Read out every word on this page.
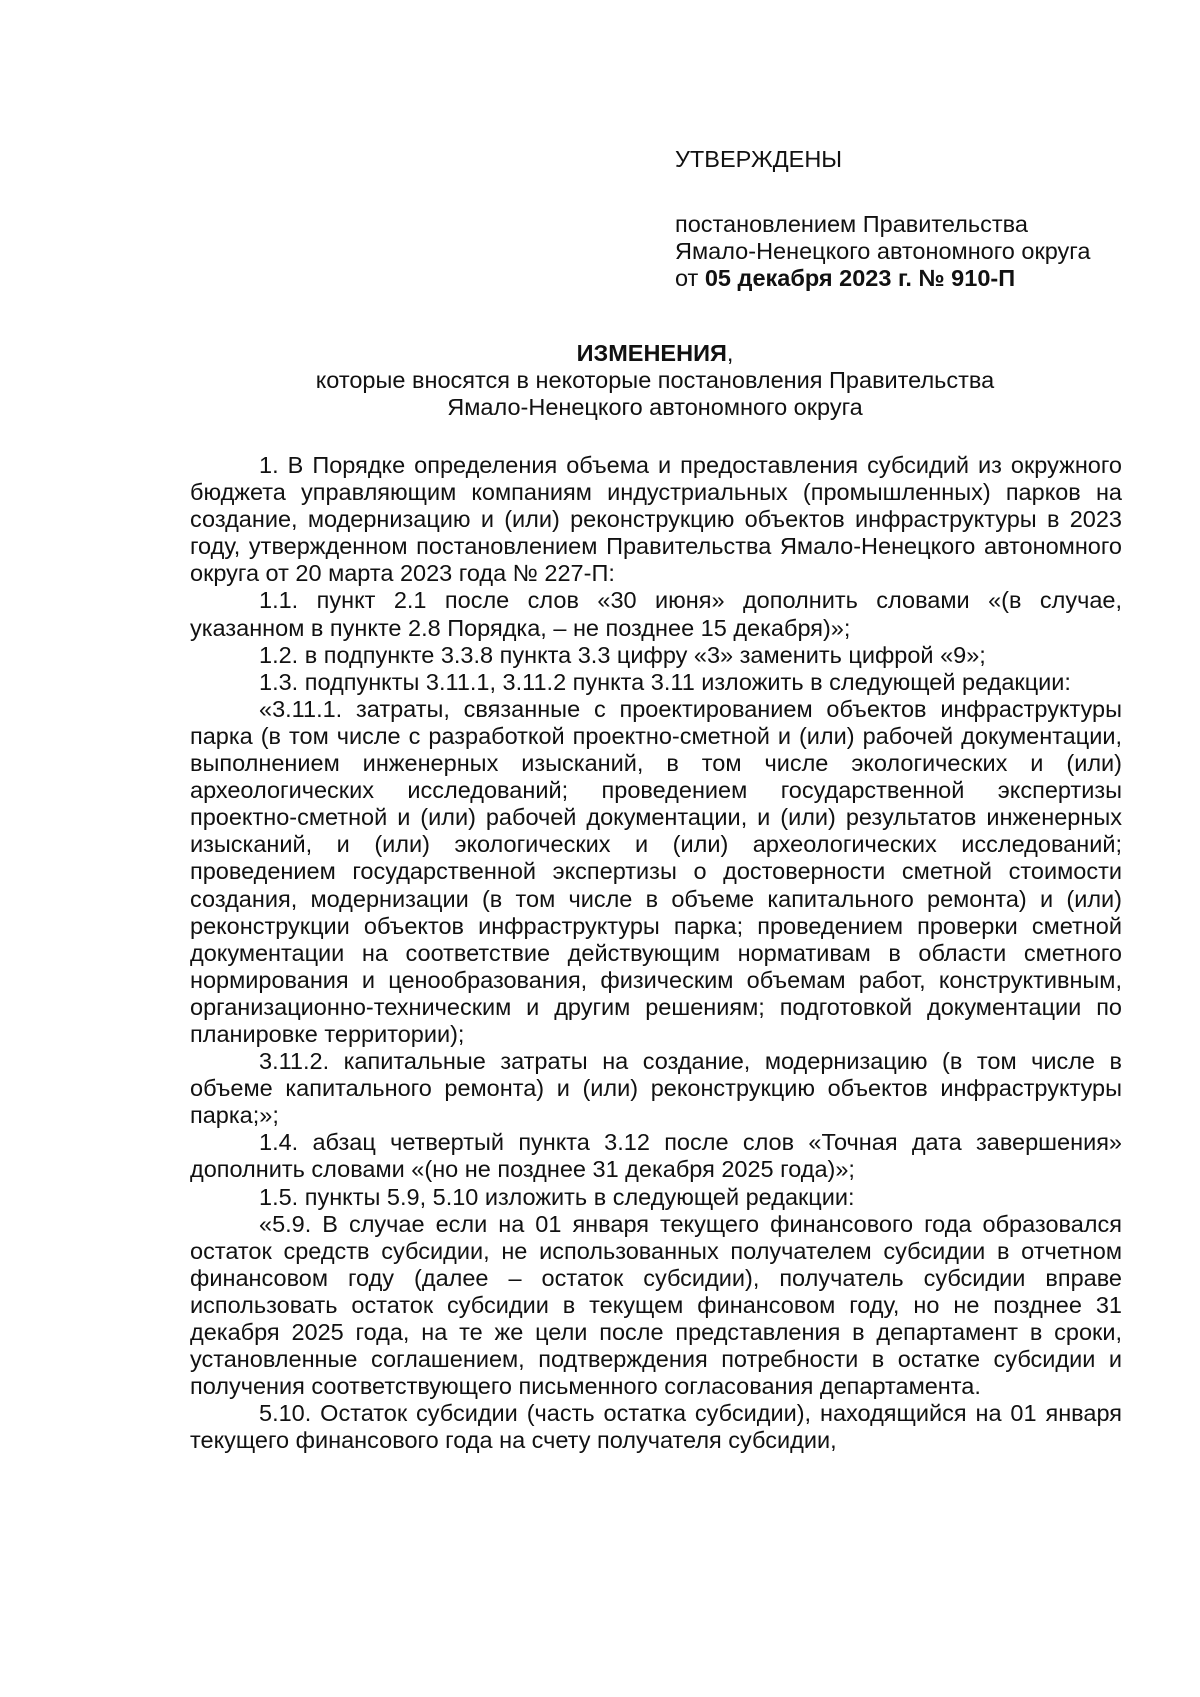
УТВЕРЖДЕНЫ
постановлением Правительства
Ямало-Ненецкого автономного округа
от 05 декабря 2023 г. № 910-П
ИЗМЕНЕНИЯ,
которые вносятся в некоторые постановления Правительства
Ямало-Ненецкого автономного округа

1. В Порядке определения объема и предоставления субсидий из окружного бюджета управляющим компаниям индустриальных (промышленных) парков на создание, модернизацию и (или) реконструкцию объектов инфраструктуры в 2023 году, утвержденном постановлением Правительства Ямало-Ненецкого автономного округа от 20 марта 2023 года № 227-П:

1.1. пункт 2.1 после слов «30 июня» дополнить словами «(в случае, указанном в пункте 2.8 Порядка, – не позднее 15 декабря)»;

1.2. в подпункте 3.3.8 пункта 3.3 цифру «3» заменить цифрой «9»;

1.3. подпункты 3.11.1, 3.11.2 пункта 3.11 изложить в следующей редакции:

«3.11.1. затраты, связанные с проектированием объектов инфраструктуры парка (в том числе с разработкой проектно-сметной и (или) рабочей документации, выполнением инженерных изысканий, в том числе экологических и (или) археологических исследований; проведением государственной экспертизы проектно-сметной и (или) рабочей документации, и (или) результатов инженерных изысканий, и (или) экологических и (или) археологических исследований; проведением государственной экспертизы о достоверности сметной стоимости создания, модернизации (в том числе в объеме капитального ремонта) и (или) реконструкции объектов инфраструктуры парка; проведением проверки сметной документации на соответствие действующим нормативам в области сметного нормирования и ценообразования, физическим объемам работ, конструктивным, организационно-техническим и другим решениям; подготовкой документации по планировке территории);

3.11.2. капитальные затраты на создание, модернизацию (в том числе в объеме капитального ремонта) и (или) реконструкцию объектов инфраструктуры парка;»;

1.4. абзац четвертый пункта 3.12 после слов «Точная дата завершения» дополнить словами «(но не позднее 31 декабря 2025 года)»;

1.5. пункты 5.9, 5.10 изложить в следующей редакции:

«5.9. В случае если на 01 января текущего финансового года образовался остаток средств субсидии, не использованных получателем субсидии в отчетном финансовом году (далее – остаток субсидии), получатель субсидии вправе использовать остаток субсидии в текущем финансовом году, но не позднее 31 декабря 2025 года, на те же цели после представления в департамент в сроки, установленные соглашением, подтверждения потребности в остатке субсидии и получения соответствующего письменного согласования департамента.

5.10. Остаток субсидии (часть остатка субсидии), находящийся на 01 января текущего финансового года на счету получателя субсидии,
